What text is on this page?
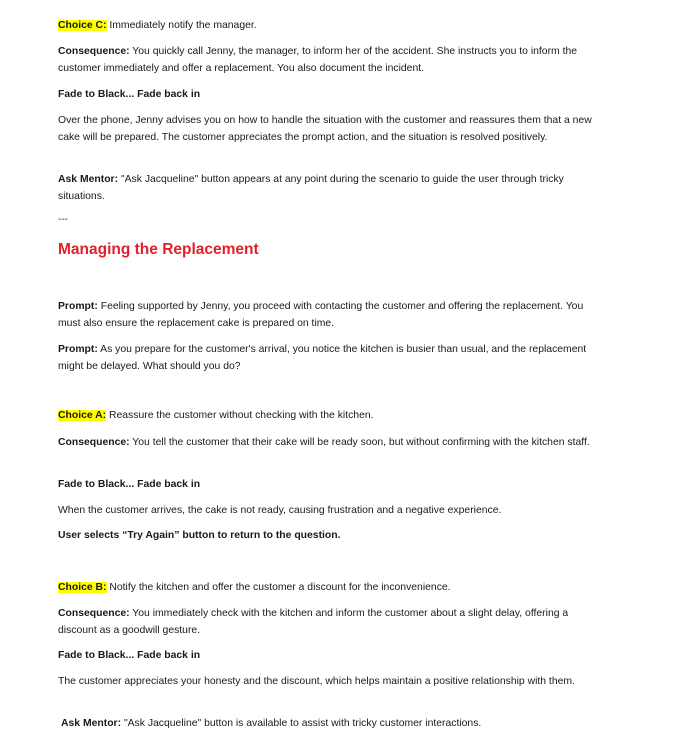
Choice C: Immediately notify the manager.

Consequence: You quickly call Jenny, the manager, to inform her of the accident. She instructs you to inform the customer immediately and offer a replacement. You also document the incident.

Fade to Black... Fade back in

Over the phone, Jenny advises you on how to handle the situation with the customer and reassures them that a new cake will be prepared. The customer appreciates the prompt action, and the situation is resolved positively.

Ask Mentor: "Ask Jacqueline" button appears at any point during the scenario to guide the user through tricky situations.

---
Managing the Replacement

Prompt: Feeling supported by Jenny, you proceed with contacting the customer and offering the replacement. You must also ensure the replacement cake is prepared on time.

Prompt: As you prepare for the customer's arrival, you notice the kitchen is busier than usual, and the replacement might be delayed. What should you do?

Choice A: Reassure the customer without checking with the kitchen.

Consequence: You tell the customer that their cake will be ready soon, but without confirming with the kitchen staff.

Fade to Black... Fade back in

When the customer arrives, the cake is not ready, causing frustration and a negative experience.

User selects “Try Again” button to return to the question.

Choice B: Notify the kitchen and offer the customer a discount for the inconvenience.

Consequence: You immediately check with the kitchen and inform the customer about a slight delay, offering a discount as a goodwill gesture.

Fade to Black... Fade back in

The customer appreciates your honesty and the discount, which helps maintain a positive relationship with them.

Ask Mentor: "Ask Jacqueline" button is available to assist with tricky customer interactions.
